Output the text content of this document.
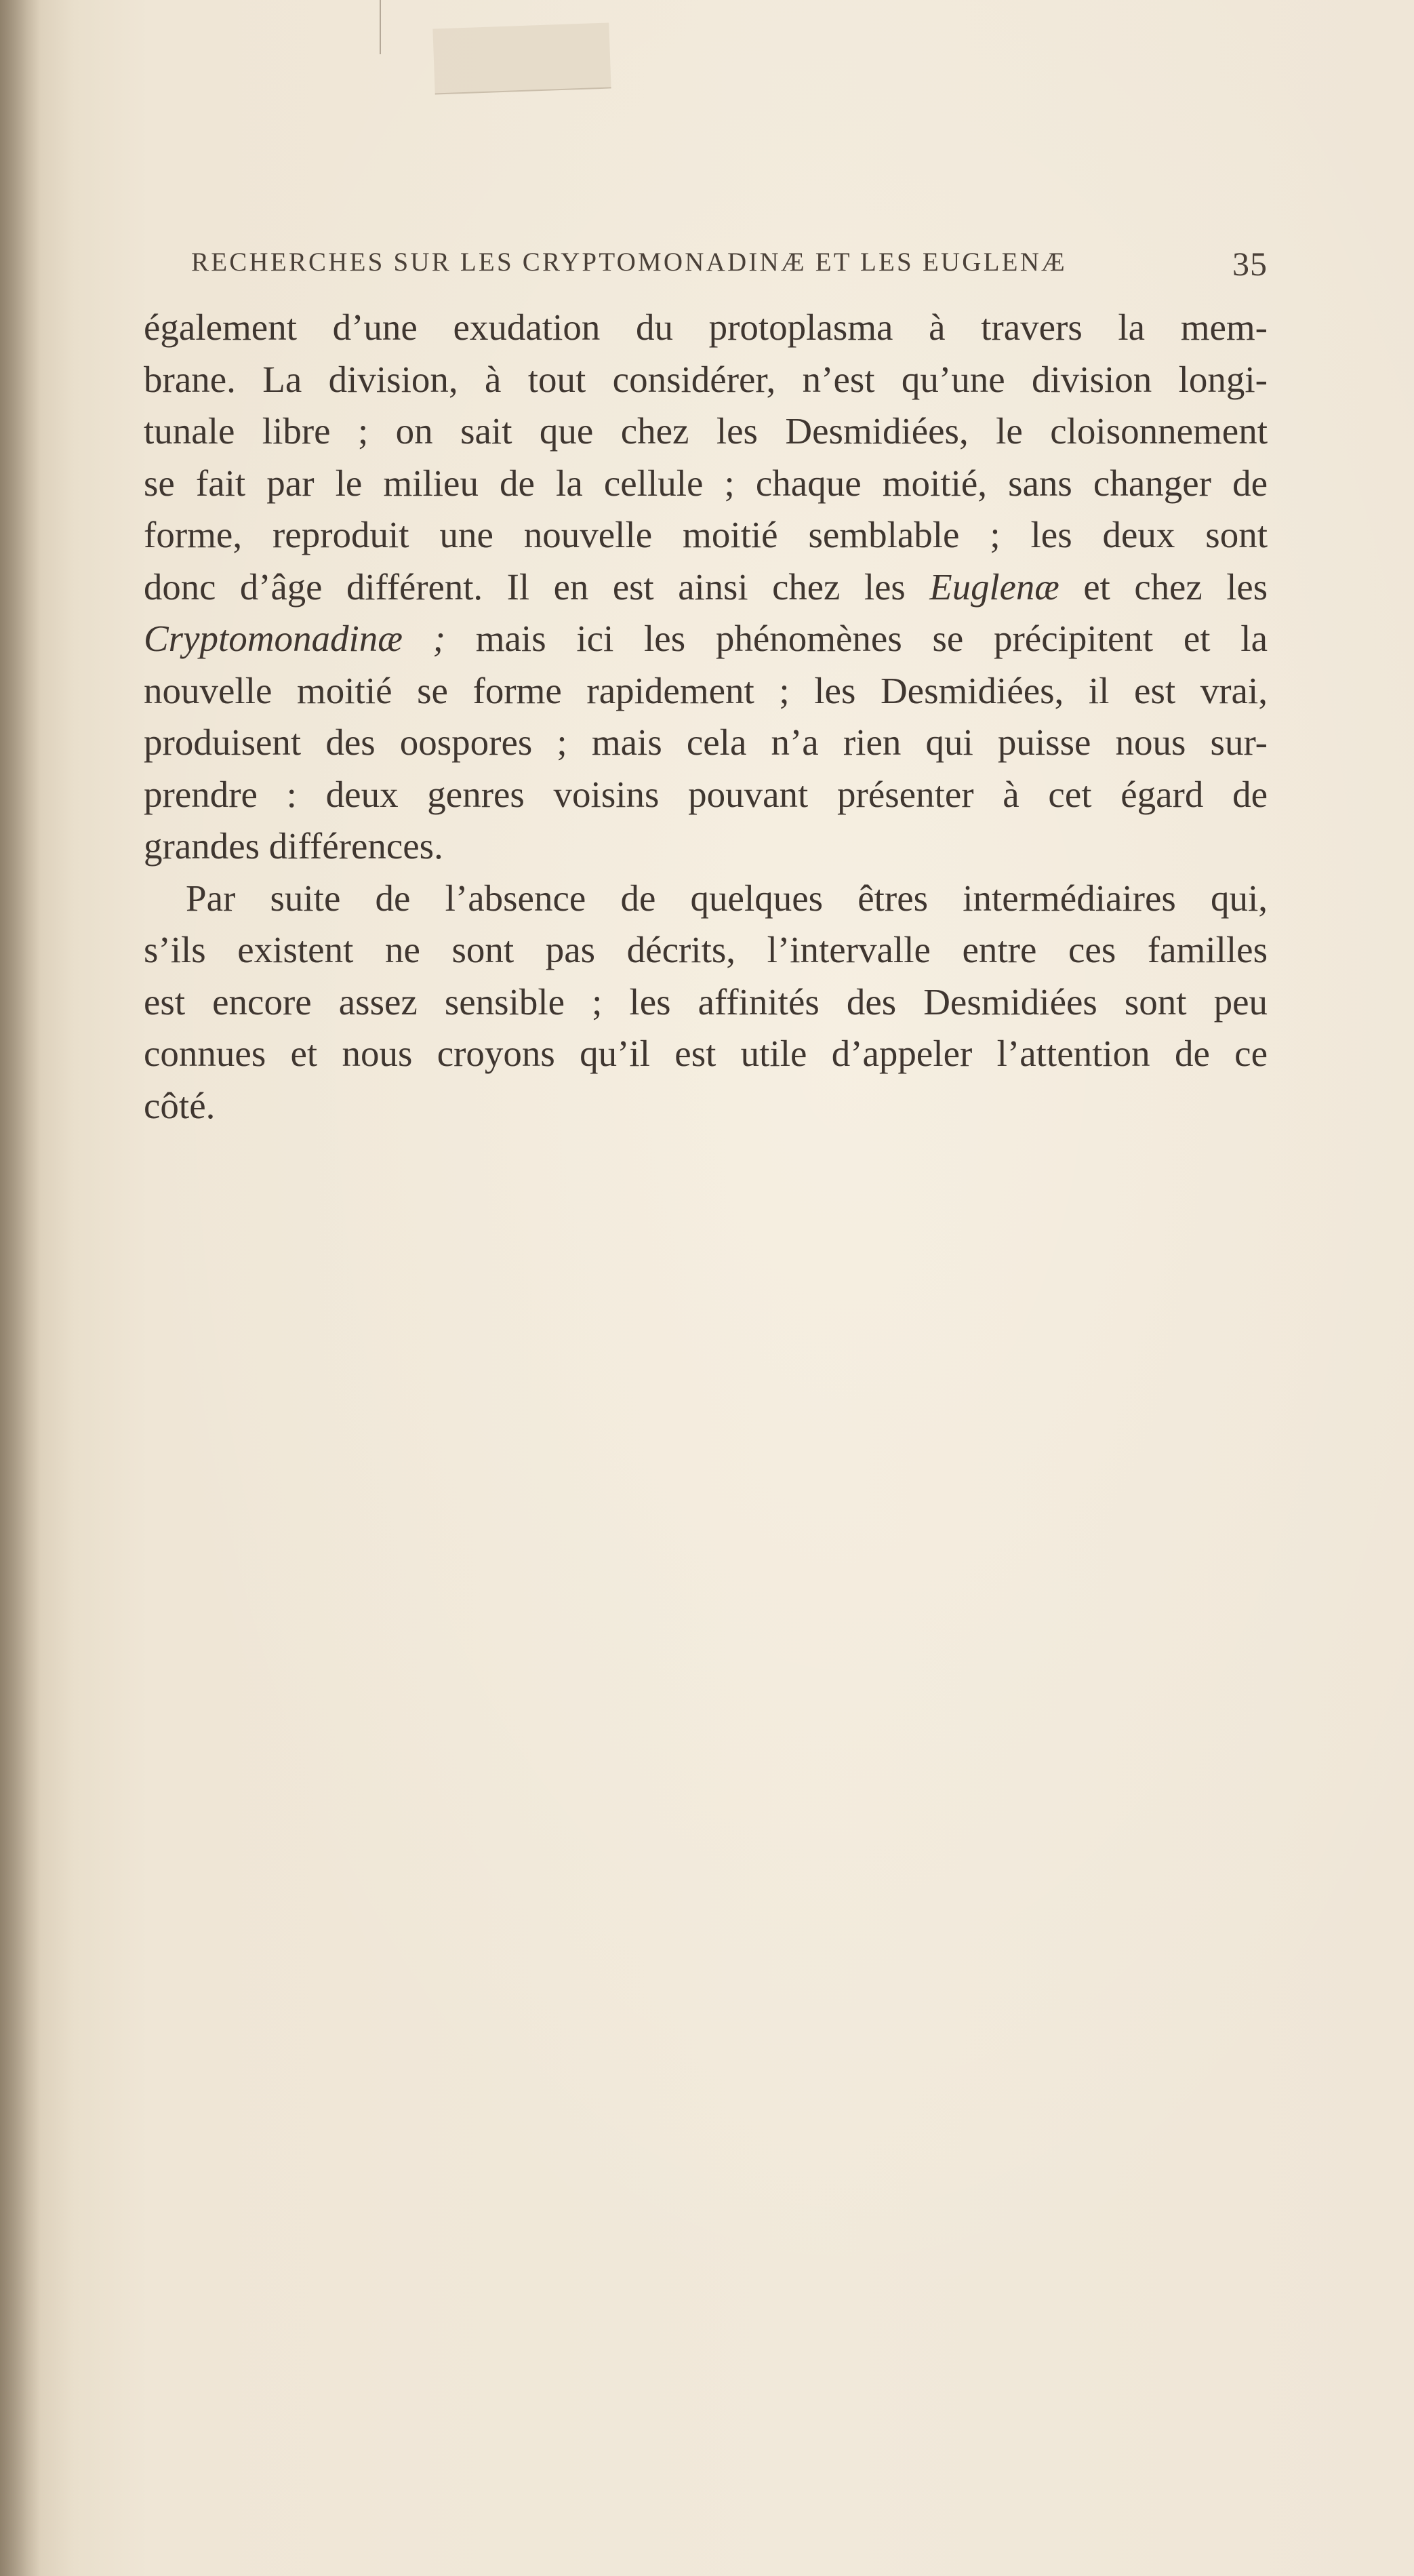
RECHERCHES SUR LES CRYPTOMONADINÆ ET LES EUGLENÆ	35
également d’une exudation du protoplasma à travers la mem-
brane. La division, à tout considérer, n’est qu’une division longi-
tunale libre ; on sait que chez les Desmidiées, le cloisonnement
se fait par le milieu de la cellule ; chaque moitié, sans changer de
forme, reproduit une nouvelle moitié semblable ; les deux sont
donc d’âge différent. Il en est ainsi chez les Euglenæ et chez les
Cryptomonadinæ ; mais ici les phénomènes se précipitent et la
nouvelle moitié se forme rapidement ; les Desmidiées, il est vrai,
produisent des oospores ; mais cela n’a rien qui puisse nous sur-
prendre : deux genres voisins pouvant présenter à cet égard de
grandes différences.
Par suite de l’absence de quelques êtres intermédiaires qui,
s’ils existent ne sont pas décrits, l’intervalle entre ces familles
est encore assez sensible ; les affinités des Desmidiées sont peu
connues et nous croyons qu’il est utile d’appeler l’attention de ce
côté.
